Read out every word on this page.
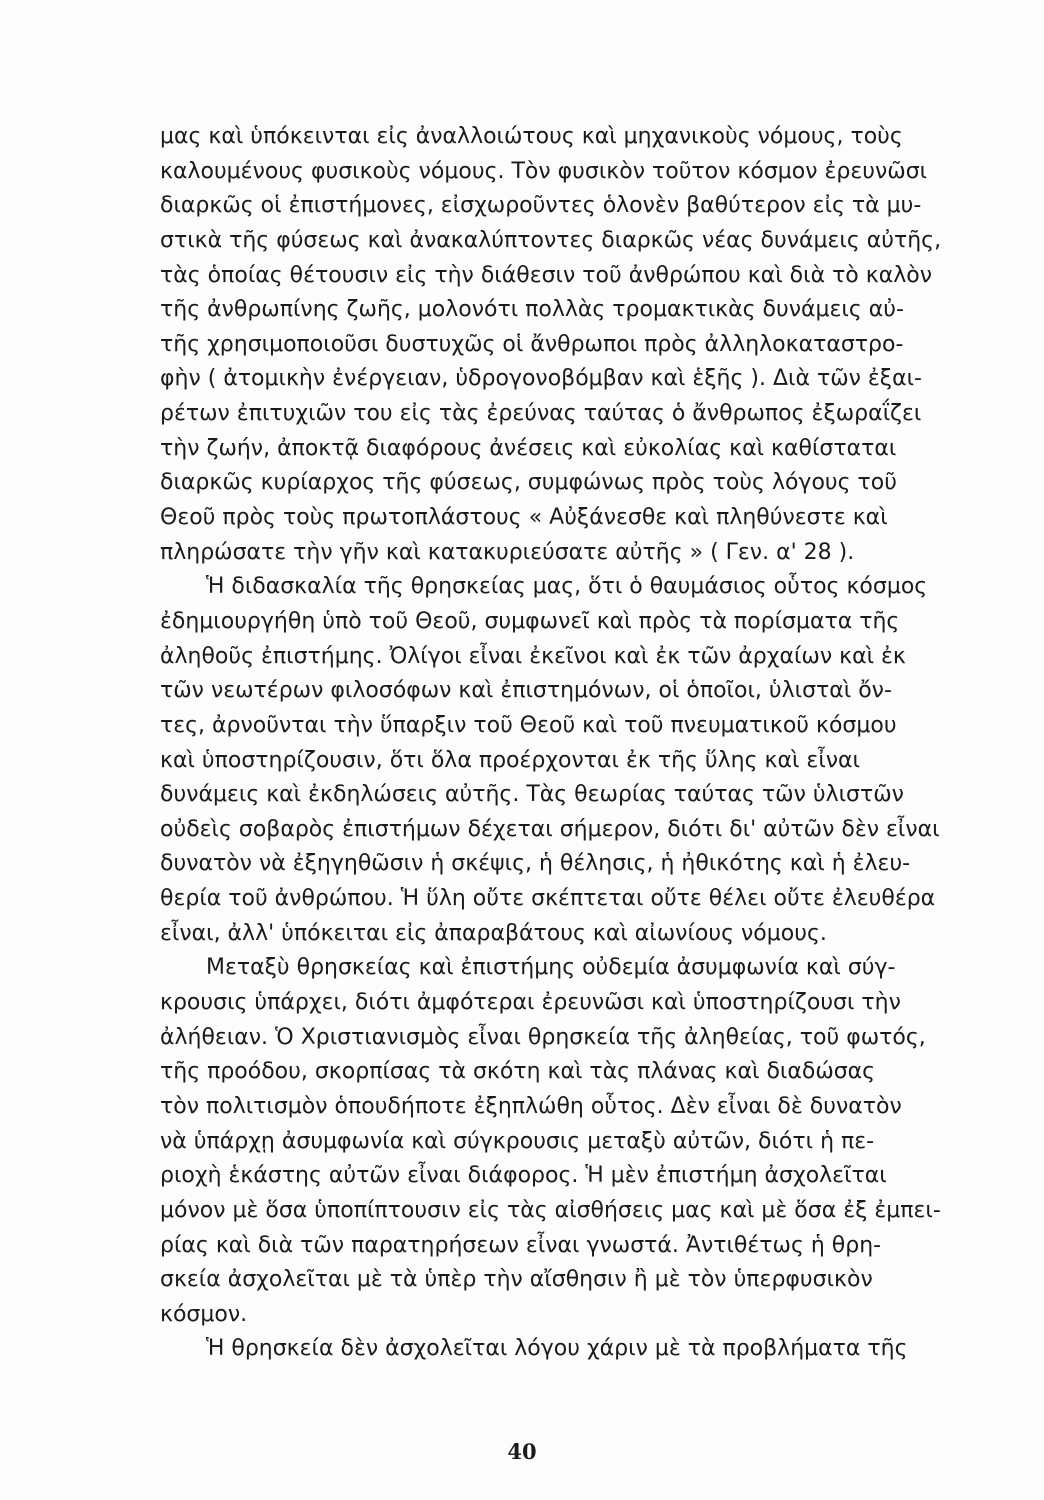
μας καὶ ὑπόκεινται εἰς ἀναλλοιώτους καὶ μηχανικοὺς νόμους, τοὺς
καλουμένους φυσικοὺς νόμους. Τὸν φυσικὸν τοῦτον κόσμον ἐρευνῶσι
διαρκῶς οἱ ἐπιστήμονες, εἰσχωροῦντες ὁλονὲν βαθύτερον εἰς τὰ μυ-
στικὰ τῆς φύσεως καὶ ἀνακαλύπτοντες διαρκῶς νέας δυνάμεις αὐτῆς,
τὰς ὁποίας θέτουσιν εἰς τὴν διάθεσιν τοῦ ἀνθρώπου καὶ διὰ τὸ καλὸν
τῆς ἀνθρωπίνης ζωῆς, μολονότι πολλὰς τρομακτικὰς δυνάμεις αὐ-
τῆς χρησιμοποιοῦσι δυστυχῶς οἱ ἄνθρωποι πρὸς ἀλληλοκαταστρο-
φὴν ( ἀτομικὴν ἐνέργειαν, ὑδρογονοβόμβαν καὶ ἑξῆς ). Διὰ τῶν ἐξαι-
ρέτων ἐπιτυχιῶν του εἰς τὰς ἐρεύνας ταύτας ὁ ἄνθρωπος ἐξωραΐζει
τὴν ζωήν, ἀποκτᾷ διαφόρους ἀνέσεις καὶ εὐκολίας καὶ καθίσταται
διαρκῶς κυρίαρχος τῆς φύσεως, συμφώνως πρὸς τοὺς λόγους τοῦ
Θεοῦ πρὸς τοὺς πρωτοπλάστους « Αὐξάνεσθε καὶ πληθύνεστε καὶ
πληρώσατε τὴν γῆν καὶ κατακυριεύσατε αὐτῆς » ( Γεν. α' 28 ).
Ἡ διδασκαλία τῆς θρησκείας μας, ὅτι ὁ θαυμάσιος οὗτος κόσμος
ἐδημιουργήθη ὑπὸ τοῦ Θεοῦ, συμφωνεῖ καὶ πρὸς τὰ πορίσματα τῆς
ἀληθοῦς ἐπιστήμης. Ὀλίγοι εἶναι ἐκεῖνοι καὶ ἐκ τῶν ἀρχαίων καὶ ἐκ
τῶν νεωτέρων φιλοσόφων καὶ ἐπιστημόνων, οἱ ὁποῖοι, ὑλισταὶ ὄν-
τες, ἀρνοῦνται τὴν ὕπαρξιν τοῦ Θεοῦ καὶ τοῦ πνευματικοῦ κόσμου
καὶ ὑποστηρίζουσιν, ὅτι ὅλα προέρχονται ἐκ τῆς ὕλης καὶ εἶναι
δυνάμεις καὶ ἐκδηλώσεις αὐτῆς. Τὰς θεωρίας ταύτας τῶν ὑλιστῶν
οὐδεὶς σοβαρὸς ἐπιστήμων δέχεται σήμερον, διότι δι' αὐτῶν δὲν εἶναι
δυνατὸν νὰ ἐξηγηθῶσιν ἡ σκέψις, ἡ θέλησις, ἡ ἠθικότης καὶ ἡ ἐλευ-
θερία τοῦ ἀνθρώπου. Ἡ ὕλη οὔτε σκέπτεται οὔτε θέλει οὔτε ἐλευθέρα
εἶναι, ἀλλ' ὑπόκειται εἰς ἀπαραβάτους καὶ αἰωνίους νόμους.
Μεταξὺ θρησκείας καὶ ἐπιστήμης οὐδεμία ἀσυμφωνία καὶ σύγ-
κρουσις ὑπάρχει, διότι ἀμφότεραι ἐρευνῶσι καὶ ὑποστηρίζουσι τὴν
ἀλήθειαν. Ὁ Χριστιανισμὸς εἶναι θρησκεία τῆς ἀληθείας, τοῦ φωτός,
τῆς προόδου, σκορπίσας τὰ σκότη καὶ τὰς πλάνας καὶ διαδώσας
τὸν πολιτισμὸν ὁπουδήποτε ἐξηπλώθη οὗτος. Δὲν εἶναι δὲ δυνατὸν
νὰ ὑπάρχῃ ἀσυμφωνία καὶ σύγκρουσις μεταξὺ αὐτῶν, διότι ἡ πε-
ριοχὴ ἑκάστης αὐτῶν εἶναι διάφορος. Ἡ μὲν ἐπιστήμη ἀσχολεῖται
μόνον μὲ ὅσα ὑποπίπτουσιν εἰς τὰς αἰσθήσεις μας καὶ μὲ ὅσα ἐξ ἐμπει-
ρίας καὶ διὰ τῶν παρατηρήσεων εἶναι γνωστά. Ἀντιθέτως ἡ θρη-
σκεία ἀσχολεῖται μὲ τὰ ὑπὲρ τὴν αἴσθησιν ἢ μὲ τὸν ὑπερφυσικὸν
κόσμον.
Ἡ θρησκεία δὲν ἀσχολεῖται λόγου χάριν μὲ τὰ προβλήματα τῆς
40
